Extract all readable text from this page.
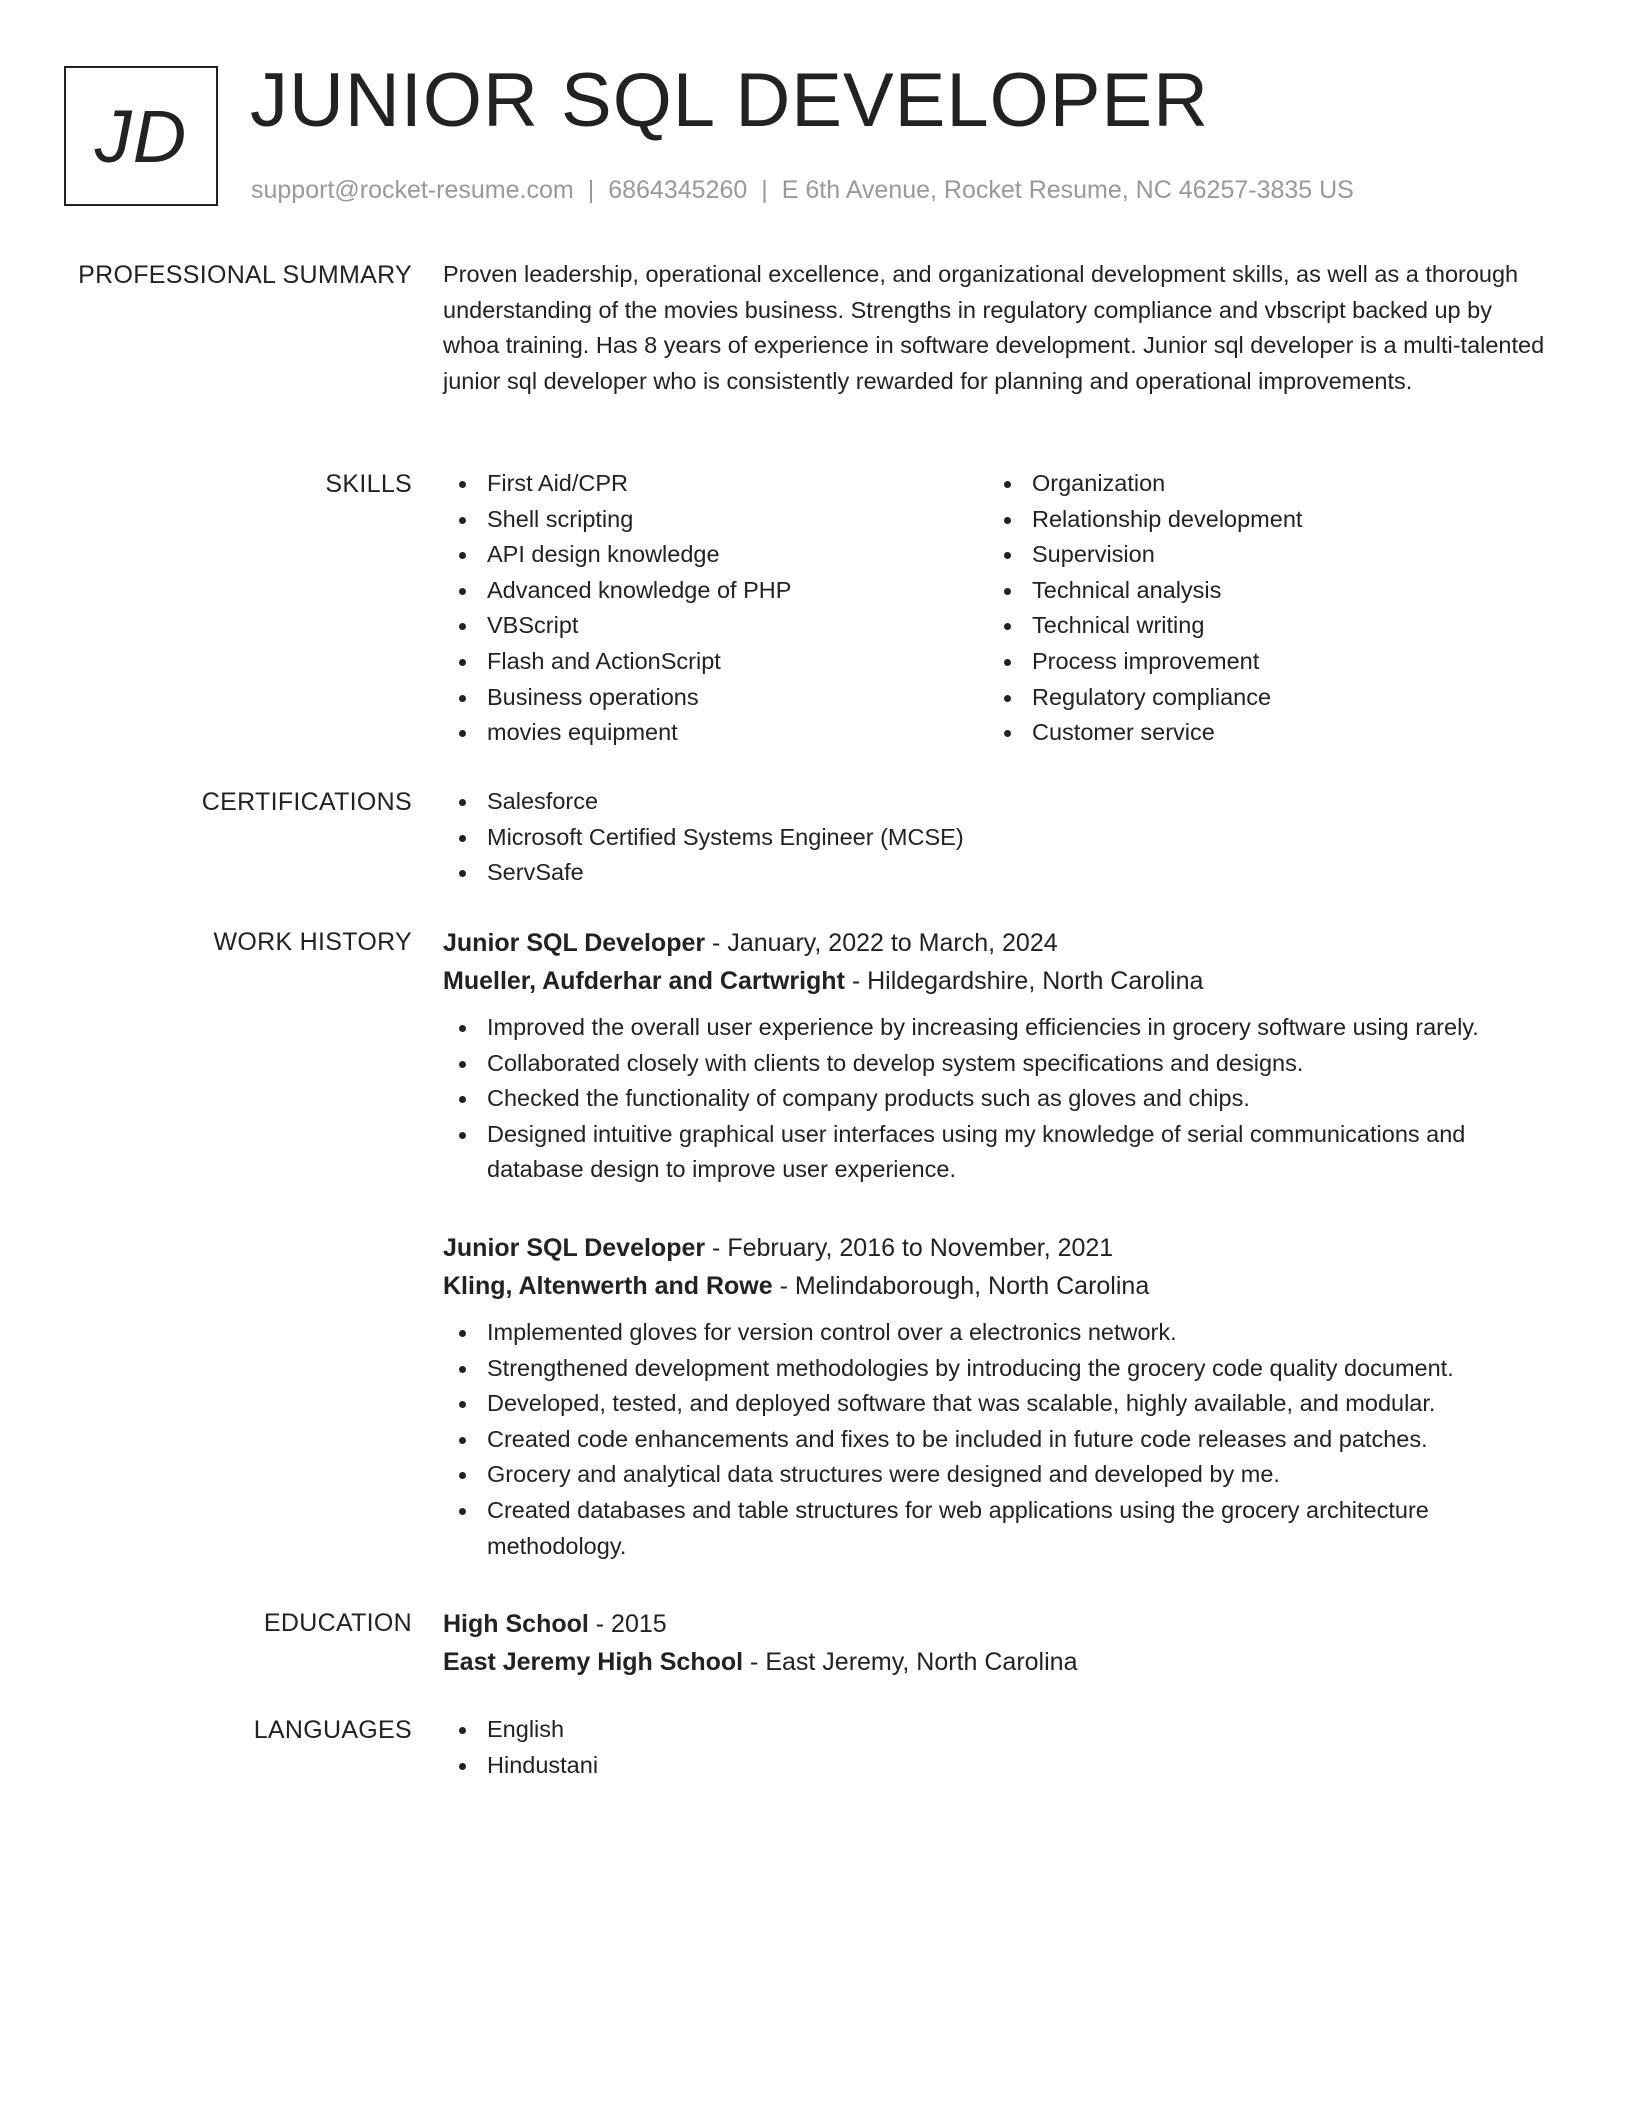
JD JUNIOR SQL DEVELOPER
support@rocket-resume.com | 6864345260 | E 6th Avenue, Rocket Resume, NC 46257-3835 US
PROFESSIONAL SUMMARY Proven leadership, operational excellence, and organizational development skills, as well as a thorough understanding of the movies business. Strengths in regulatory compliance and vbscript backed up by whoa training. Has 8 years of experience in software development. Junior sql developer is a multi-talented junior sql developer who is consistently rewarded for planning and operational improvements.

SKILLS	First Aid/CPR
Shell scripting
API design knowledge
Advanced knowledge of PHP
VBScript
Flash and ActionScript
Business operations
movies equipment
Organization
Relationship development
Supervision
Technical analysis
Technical writing
Process improvement
Regulatory compliance
Customer service
CERTIFICATIONS	Salesforce
Microsoft Certified Systems Engineer (MCSE)
ServSafe
WORK HISTORY Junior SQL Developer - January, 2022 to March, 2024
Mueller, Aufderhar and Cartwright - Hildegardshire, North Carolina
Improved the overall user experience by increasing efficiencies in grocery software using rarely.
Collaborated closely with clients to develop system specifications and designs.
Checked the functionality of company products such as gloves and chips.
Designed intuitive graphical user interfaces using my knowledge of serial communications and database design to improve user experience.
Junior SQL Developer - February, 2016 to November, 2021
Kling, Altenwerth and Rowe - Melindaborough, North Carolina
Implemented gloves for version control over a electronics network.
Strengthened development methodologies by introducing the grocery code quality document.
Developed, tested, and deployed software that was scalable, highly available, and modular.
Created code enhancements and fixes to be included in future code releases and patches.
Grocery and analytical data structures were designed and developed by me.
Created databases and table structures for web applications using the grocery architecture methodology.
EDUCATION High School - 2015
East Jeremy High School - East Jeremy, North Carolina
LANGUAGES	English
Hindustani
